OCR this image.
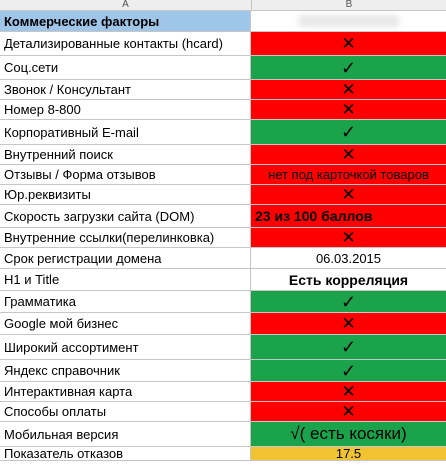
A	B
Коммерческие факторы
Детализированные контакты (hcard)	✕
Соц.сети	✓
Звонок / Консультант	✕
Номер 8-800	✕
Корпоративный E-mail	✓
Внутренний поиск	✕
Отзывы / Форма отзывов	нет под карточкой товаров
Юр.реквизиты	✕
Скорость загрузки сайта (DOM)	23 из 100 баллов
Внутренние ссылки(перелинковка)	✕
Срок регистрации домена	06.03.2015
H1 и Title	Есть корреляция
Грамматика	✓
Google мой бизнес	✕
Широкий ассортимент	✓
Яндекс справочник	✓
Интерактивная карта	✕
Способы оплаты	✕
Мобильная версия	√( есть косяки)
Показатель отказов	17.5
